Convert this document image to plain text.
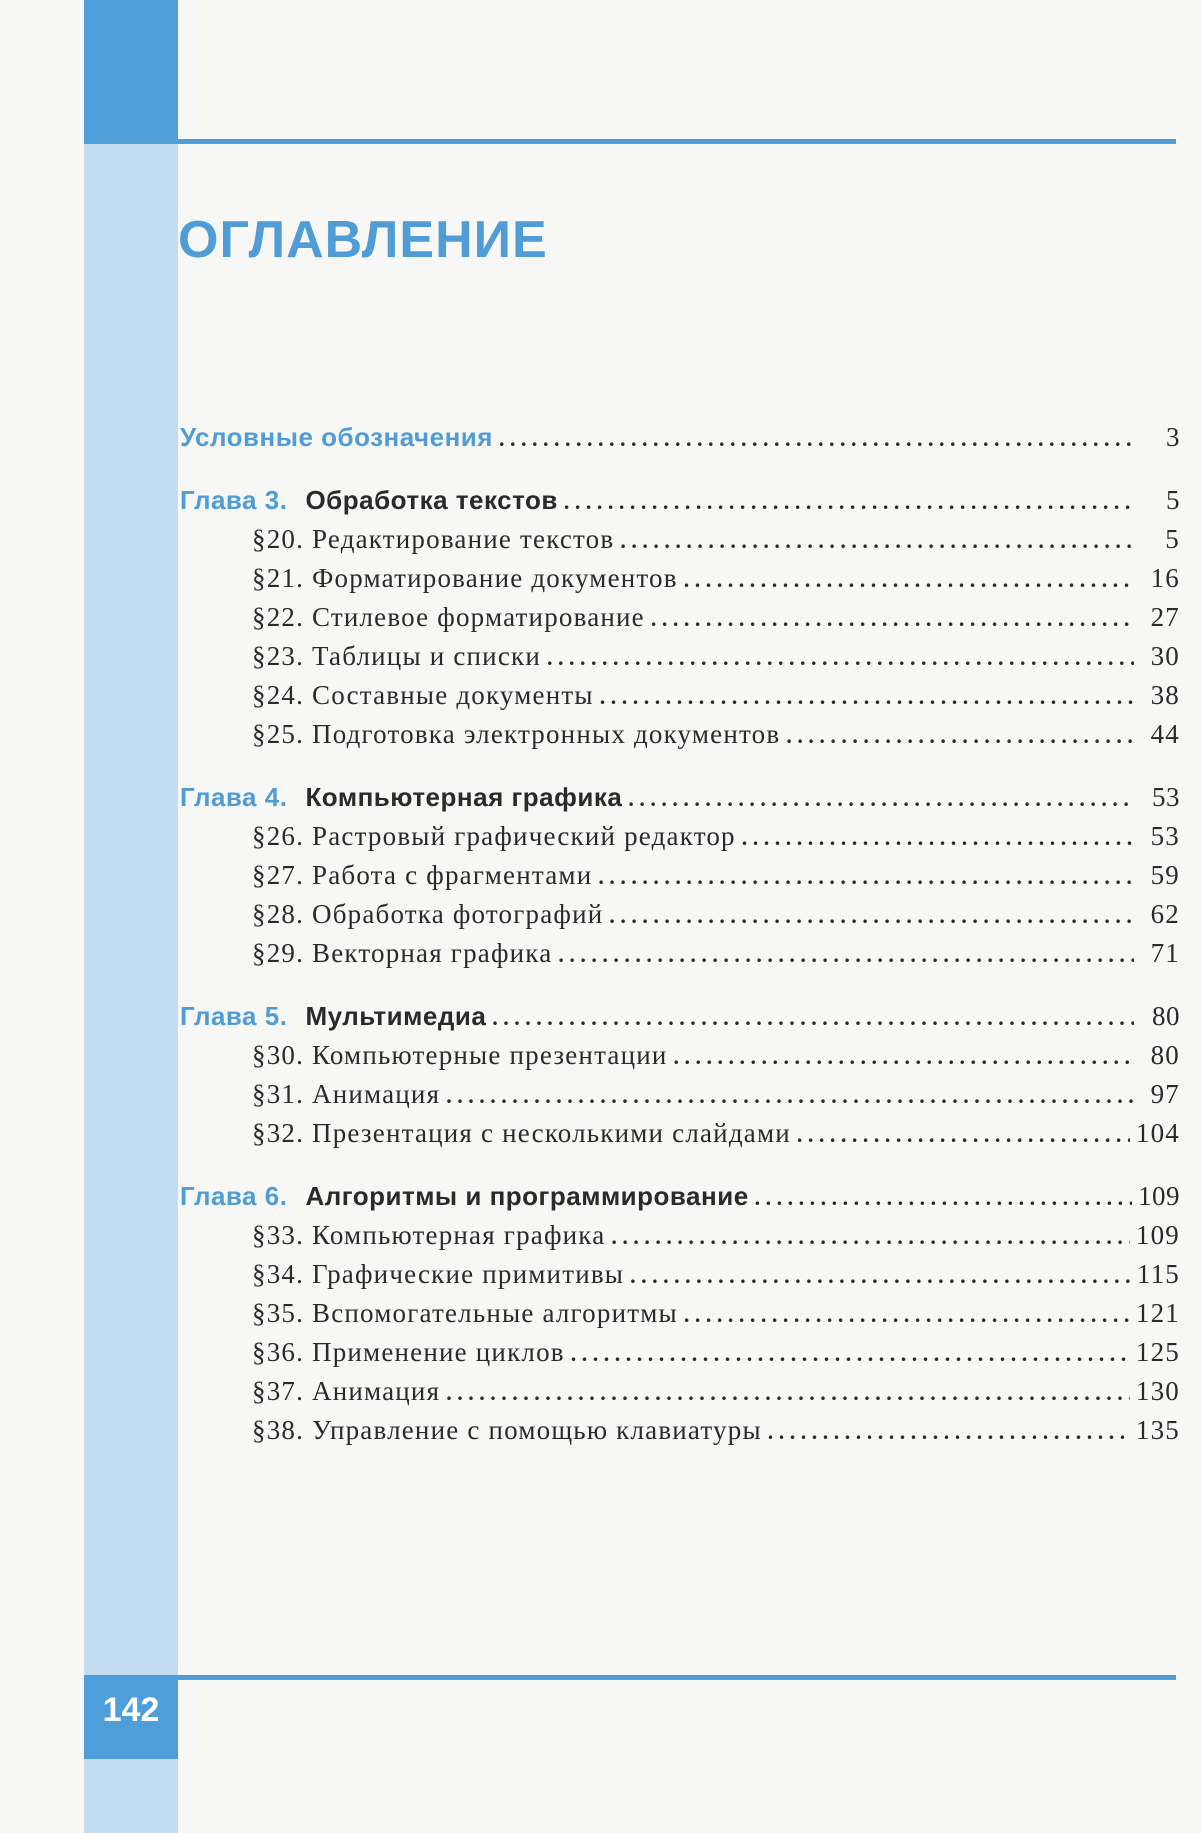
ОГЛАВЛЕНИЕ
Условные обозначения . . .	3
Глава 3. Обработка текстов . . .	5
§20. Редактирование текстов . . .	5
§21. Форматирование документов . . .	16
§22. Стилевое форматирование . . .	27
§23. Таблицы и списки . . .	30
§24. Составные документы . . .	38
§25. Подготовка электронных документов . . .	44
Глава 4. Компьютерная графика . . .	53
§26. Растровый графический редактор . . .	53
§27. Работа с фрагментами . . .	59
§28. Обработка фотографий . . .	62
§29. Векторная графика . . .	71
Глава 5. Мультимедиа . . .	80
§30. Компьютерные презентации . . .	80
§31. Анимация . . .	97
§32. Презентация с несколькими слайдами . . .	104
Глава 6. Алгоритмы и программирование . . .	109
§33. Компьютерная графика . . .	109
§34. Графические примитивы . . .	115
§35. Вспомогательные алгоритмы . . .	121
§36. Применение циклов . . .	125
§37. Анимация . . .	130
§38. Управление с помощью клавиатуры . . .	135
142
